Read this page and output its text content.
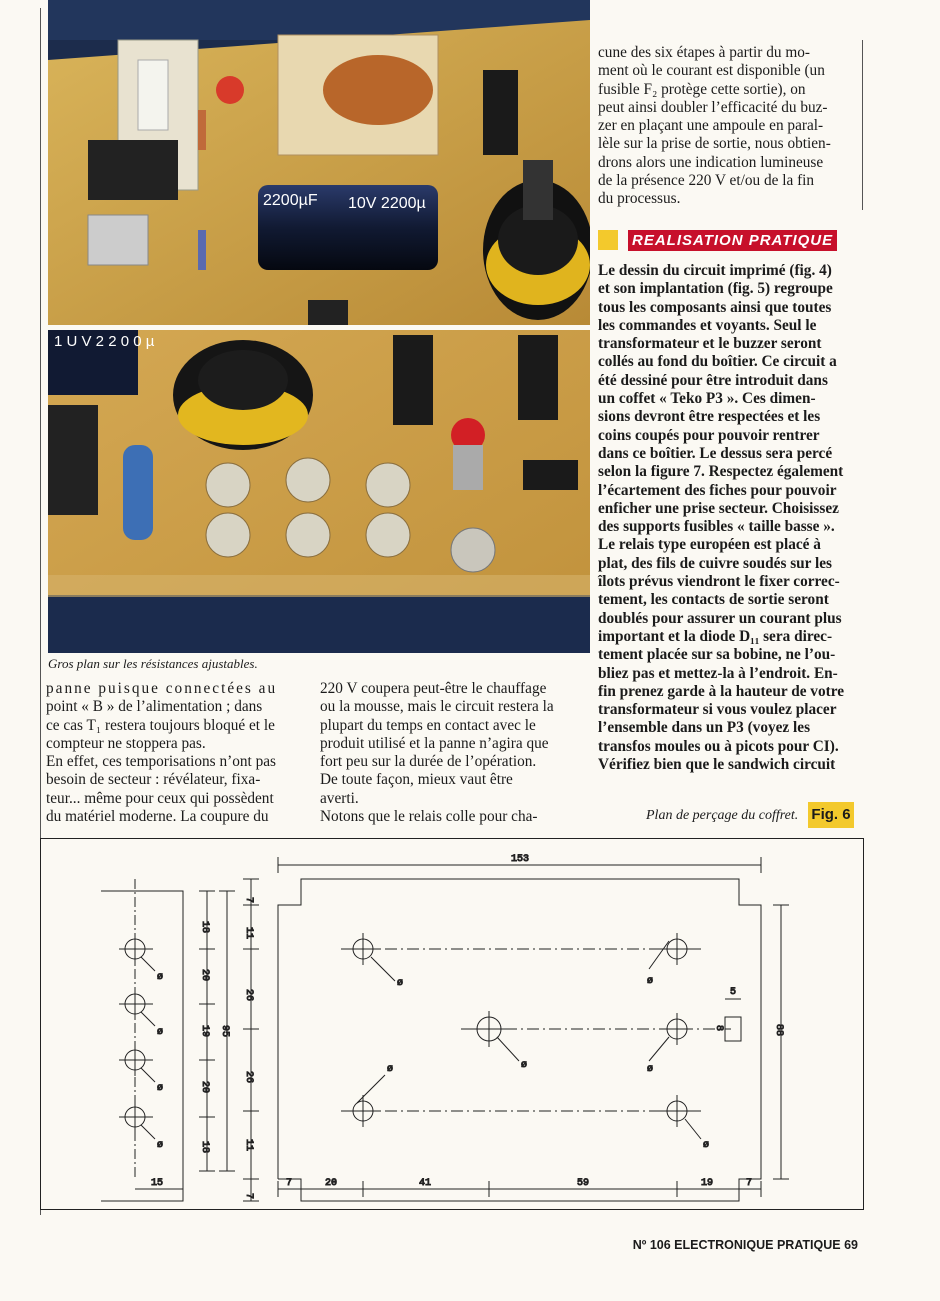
2200µF 10V 2200µ
1 U V 2 2 0 0 µ
Gros plan sur les résistances ajustables.

panne puisque connectées au

point « B » de l’alimentation ; dans

ce cas T₁ restera toujours bloqué et le

compteur ne stoppera pas.

En effet, ces temporisations n’ont pas

besoin de secteur : révélateur, fixa-

teur... même pour ceux qui possèdent

du matériel moderne. La coupure du

220 V coupera peut-être le chauffage

ou la mousse, mais le circuit restera la

plupart du temps en contact avec le

produit utilisé et la panne n’agira que

fort peu sur la durée de l’opération.

De toute façon, mieux vaut être

averti.

Notons que le relais colle pour cha-

cune des six étapes à partir du mo-

ment où le courant est disponible (un

fusible F₂ protège cette sortie), on

peut ainsi doubler l’efficacité du buz-

zer en plaçant une ampoule en paral-

lèle sur la prise de sortie, nous obtien-

drons alors une indication lumineuse

de la présence 220 V et/ou de la fin

du processus.

REALISATION PRATIQUE

Le dessin du circuit imprimé (fig. 4)

et son implantation (fig. 5) regroupe

tous les composants ainsi que toutes

les commandes et voyants. Seul le

transformateur et le buzzer seront

collés au fond du boîtier. Ce circuit a

été dessiné pour être introduit dans

un coffet « Teko P3 ». Ces dimen-

sions devront être respectées et les

coins coupés pour pouvoir rentrer

dans ce boîtier. Le dessus sera percé

selon la figure 7. Respectez également

l’écartement des fiches pour pouvoir

enficher une prise secteur. Choisissez

des supports fusibles « taille basse ».

Le relais type européen est placé à

plat, des fils de cuivre soudés sur les

îlots prévus viendront le fixer correc-

tement, les contacts de sortie seront

doublés pour assurer un courant plus

important et la diode D₁₁ sera direc-

tement placée sur sa bobine, ne l’ou-

bliez pas et mettez-la à l’endroit. En-

fin prenez garde à la hauteur de votre

transformateur si vous voulez placer

l’ensemble dans un P3 (voyez les

transfos moules ou à picots pour CI).

Vérifiez bien que le sandwich circuit

Plan de perçage du coffret. Fig. 6
ø
ø
ø
ø
18
20
19
20
18
95
15
153
88
7
11
26
26
11
7
ø
ø	ø
ø
ø
ø
5
8
7	20	41	59	19	7
Nº 106 ELECTRONIQUE PRATIQUE 69
